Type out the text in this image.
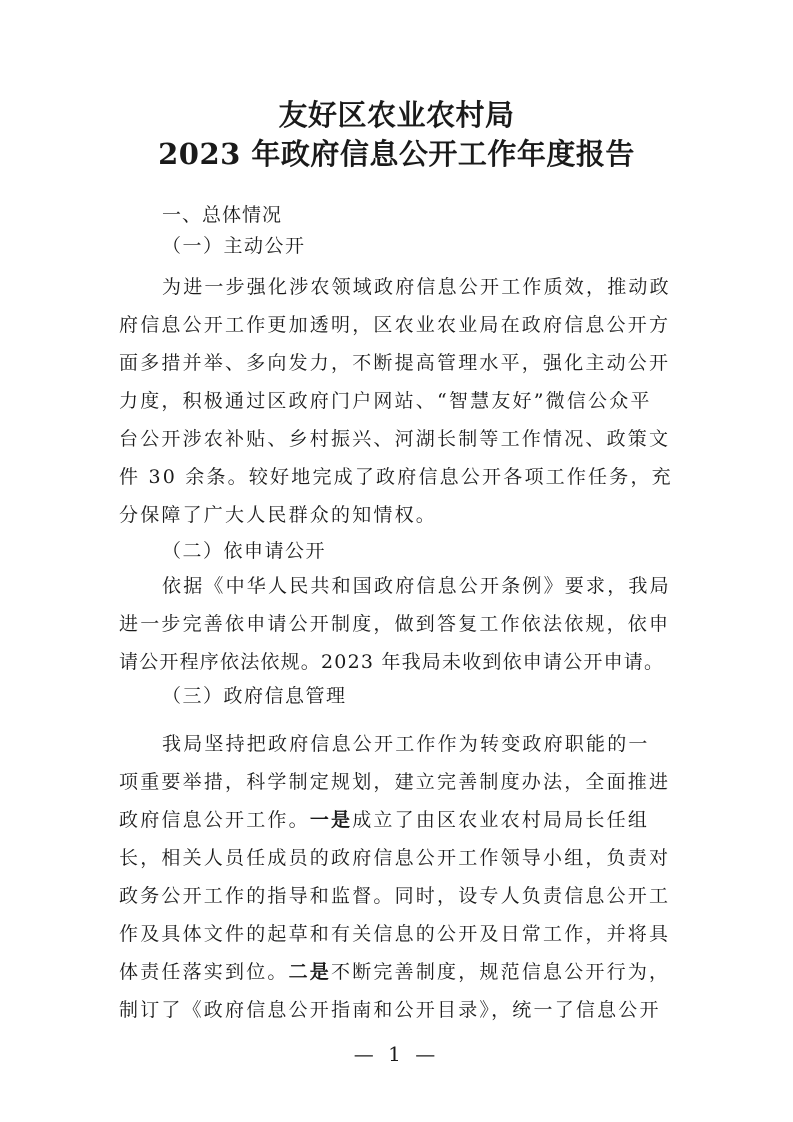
友好区农业农村局
2023 年政府信息公开工作年度报告
一、总体情况
（一）主动公开
为进一步强化涉农领域政府信息公开工作质效，推动政
府信息公开工作更加透明，区农业农业局在政府信息公开方
面多措并举、多向发力，不断提高管理水平，强化主动公开
力度，积极通过区政府门户网站、“智慧友好”微信公众平
台公开涉农补贴、乡村振兴、河湖长制等工作情况、政策文
件 30 余条。较好地完成了政府信息公开各项工作任务，充
分保障了广大人民群众的知情权。
（二）依申请公开
依据《中华人民共和国政府信息公开条例》要求，我局
进一步完善依申请公开制度，做到答复工作依法依规，依申
请公开程序依法依规。2023 年我局未收到依申请公开申请。
（三）政府信息管理
我局坚持把政府信息公开工作作为转变政府职能的一
项重要举措，科学制定规划，建立完善制度办法，全面推进
政府信息公开工作。一是成立了由区农业农村局局长任组
长，相关人员任成员的政府信息公开工作领导小组，负责对
政务公开工作的指导和监督。同时，设专人负责信息公开工
作及具体文件的起草和有关信息的公开及日常工作，并将具
体责任落实到位。二是不断完善制度，规范信息公开行为，
制订了《政府信息公开指南和公开目录》，统一了信息公开
— 1 —
